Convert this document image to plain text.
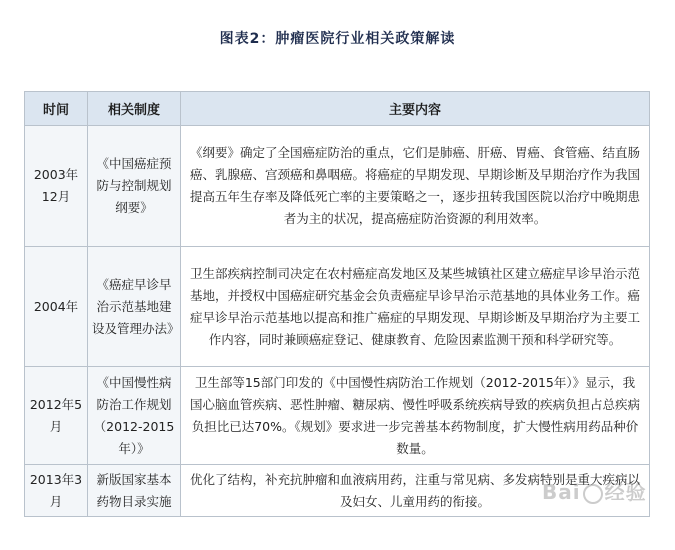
图表2：肿瘤医院行业相关政策解读
时间	相关制度	主要内容
2003年12月	《中国癌症预防与控制规划纲要》	《纲要》确定了全国癌症防治的重点，它们是肺癌、肝癌、胃癌、食管癌、结直肠癌、乳腺癌、宫颈癌和鼻咽癌。将癌症的早期发现、早期诊断及早期治疗作为我国提高五年生存率及降低死亡率的主要策略之一，逐步扭转我国医院以治疗中晚期患者为主的状况，提高癌症防治资源的利用效率。
2004年	《癌症早诊早治示范基地建设及管理办法》	卫生部疾病控制司决定在农村癌症高发地区及某些城镇社区建立癌症早诊早治示范基地，并授权中国癌症研究基金会负责癌症早诊早治示范基地的具体业务工作。癌症早诊早治示范基地以提高和推广癌症的早期发现、早期诊断及早期治疗为主要工作内容，同时兼顾癌症登记、健康教育、危险因素监测干预和科学研究等。
2012年5月	《中国慢性病防治工作规划（2012-2015年）》	卫生部等15部门印发的《中国慢性病防治工作规划（2012-2015年）》显示，我国心脑血管疾病、恶性肿瘤、糖尿病、慢性呼吸系统疾病导致的疾病负担占总疾病负担比已达70%。《规划》要求进一步完善基本药物制度，扩大慢性病用药品种价数量。
2013年3月	新版国家基本药物目录实施	优化了结构，补充抗肿瘤和血液病用药，注重与常见病、多发病特别是重大疾病以及妇女、儿童用药的衔接。	Bai 经验
